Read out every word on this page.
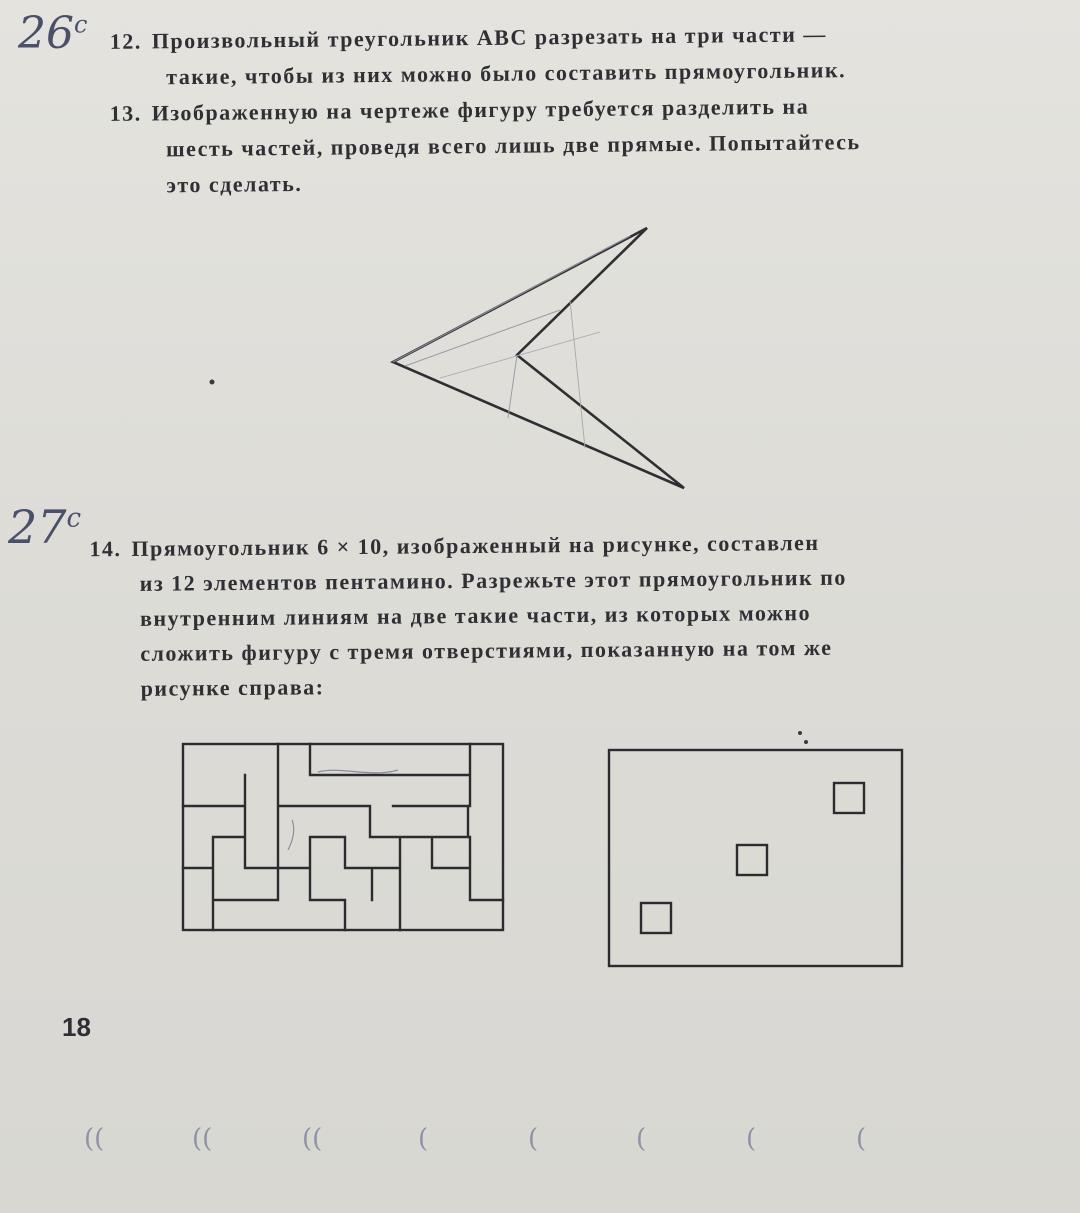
$26^с$
$27^с$
12. Произвольный треугольник ABC разрезать на три части —
такие, чтобы из них можно было составить прямоугольник.
13. Изображенную на чертеже фигуру требуется разделить на
шесть частей, проведя всего лишь две прямые. Попытайтесь
это сделать.
14. Прямоугольник 6 × 10, изображенный на рисунке, составлен
из 12 элементов пентамино. Разрежьте этот прямоугольник по
внутренним линиям на две такие части, из которых можно
сложить фигуру с тремя отверстиями, показанную на том же
рисунке справа:
18
((	((	((	(	(	(	(	(
